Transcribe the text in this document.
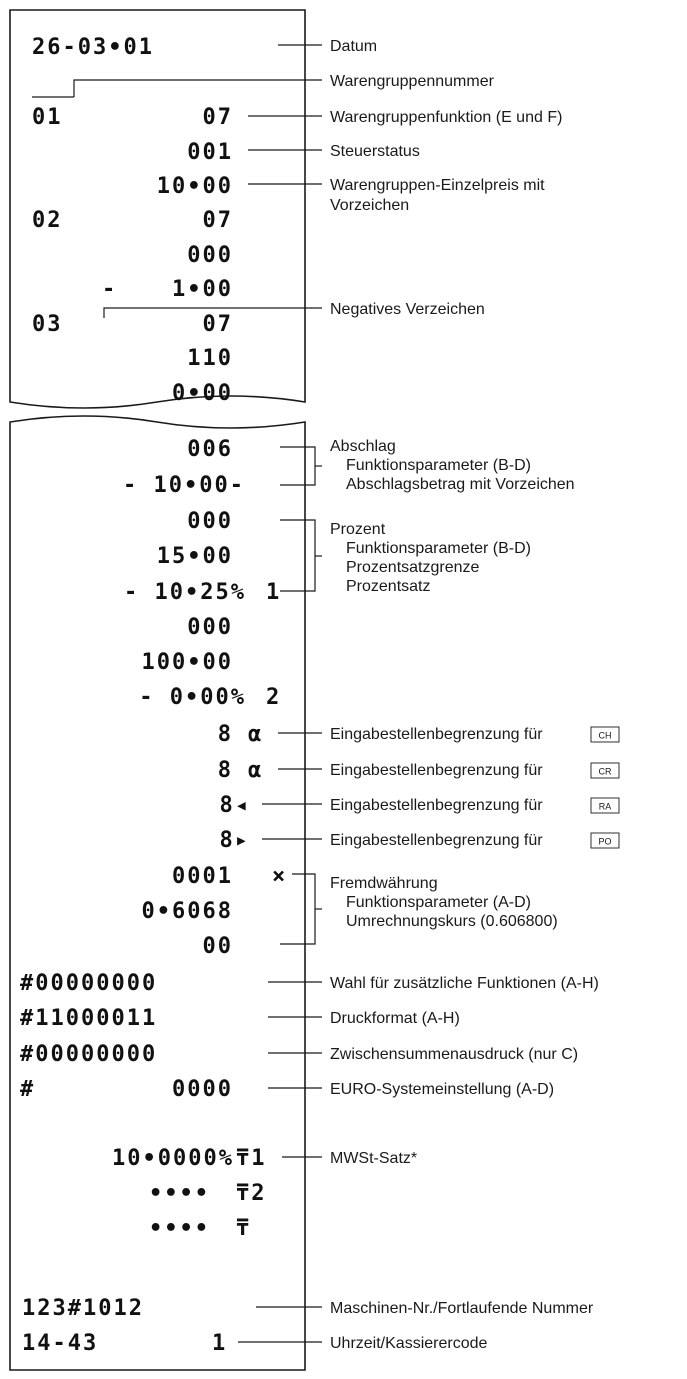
26-03•01
01	07
001
10•00
02	07
000
- 1•00
03	07
110
0•00
006
- 10•00-
000
15•00
- 10•25% 1
000
100•00
- 0•00% 2
8 α
8 α
8◂
8▸
0001 ×
0•6068
00
#00000000
#11000011
#00000000
#	0000
10•0000% ₸1
•••• ₸2
•••• ₸
123#1012
14-43	1
Datum
Warengruppennummer
Warengruppenfunktion (E und F)
Steuerstatus
Warengruppen-Einzelpreis mit
Vorzeichen
Negatives Verzeichen
Abschlag
Funktionsparameter (B-D)
Abschlagsbetrag mit Vorzeichen
Prozent
Funktionsparameter (B-D)
Prozentsatzgrenze
Prozentsatz
Eingabestellenbegrenzung für
Eingabestellenbegrenzung für
Eingabestellenbegrenzung für
Eingabestellenbegrenzung für
CH
CR
RA
PO
Fremdwährung
Funktionsparameter (A-D)
Umrechnungskurs (0.606800)
Wahl für zusätzliche Funktionen (A-H)
Druckformat (A-H)
Zwischensummenausdruck (nur C)
EURO-Systemeinstellung (A-D)
MWSt-Satz*
Maschinen-Nr./Fortlaufende Nummer
Uhrzeit/Kassierercode
